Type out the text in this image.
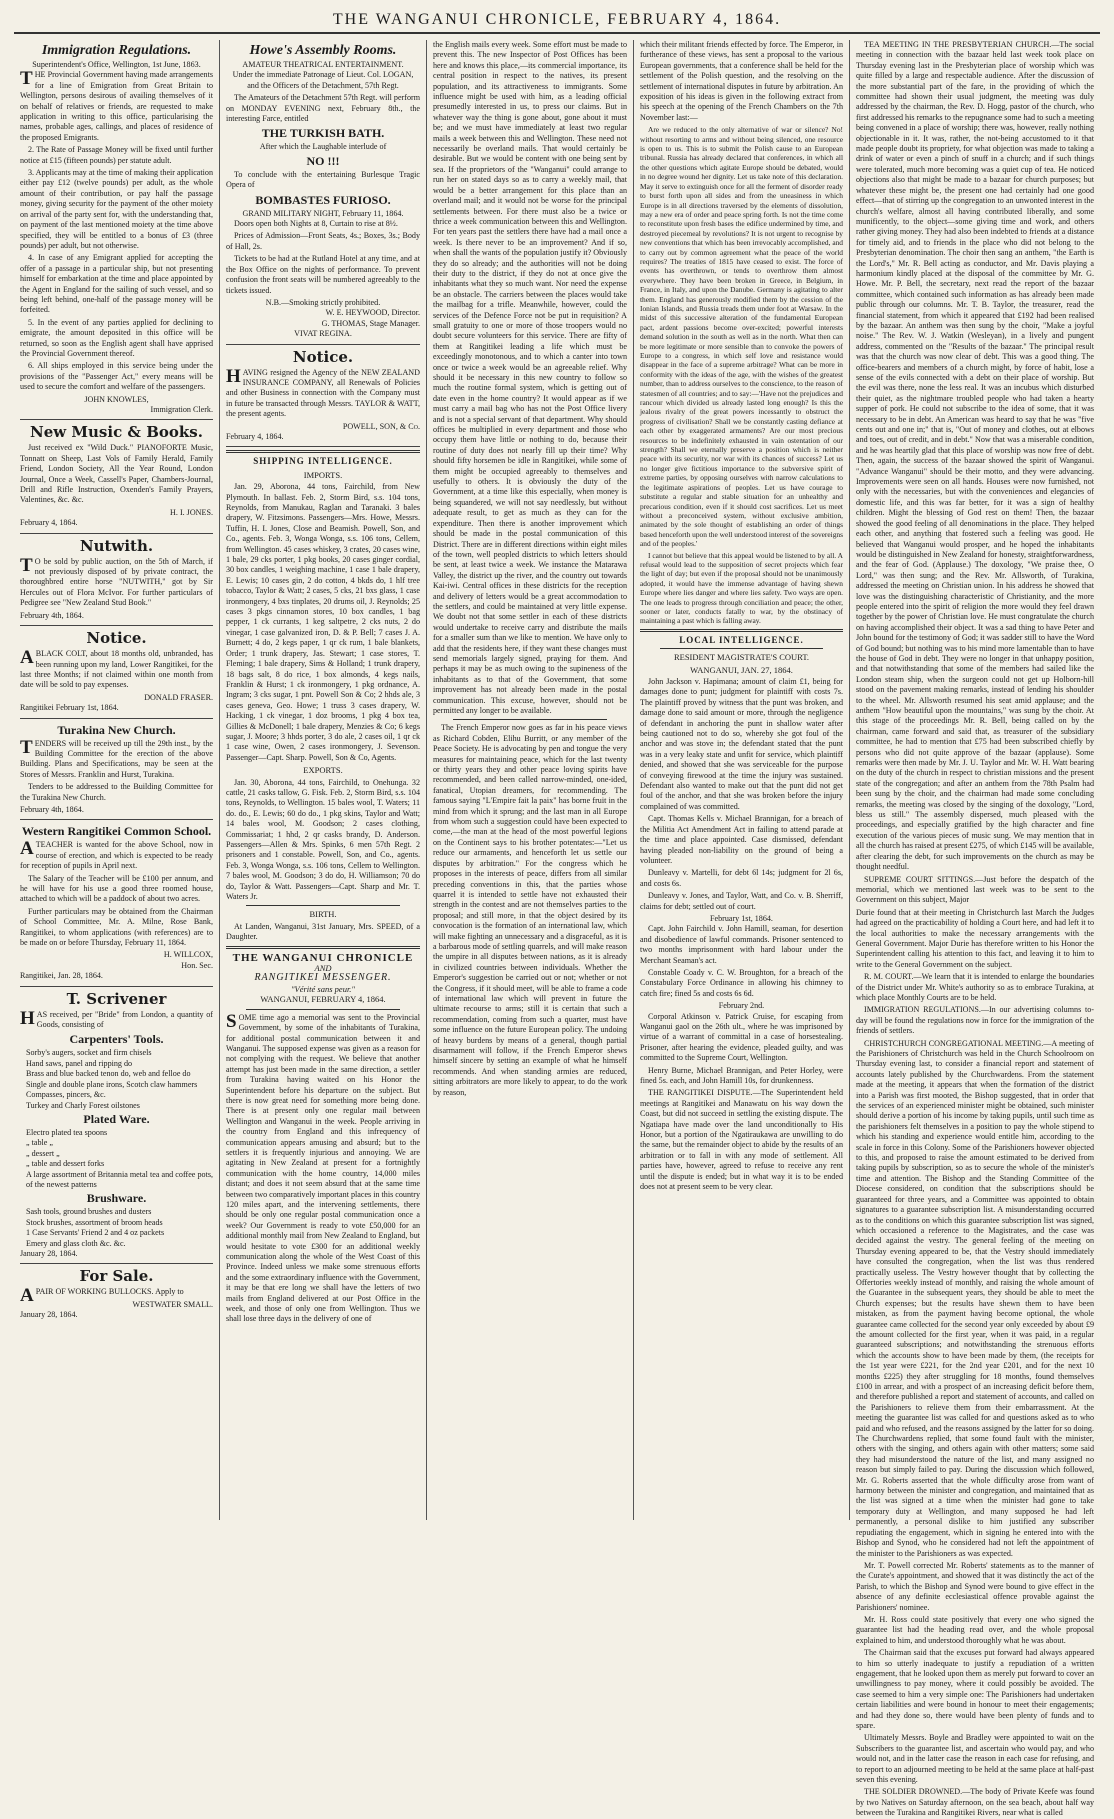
THE WANGANUI CHRONICLE, FEBRUARY 4, 1864.
Immigration Regulations.
Superintendent's Office, Wellington, 1st June, 1863.

THE Provincial Government having made arrangements for a line of Emigration from Great Britain to Wellington, persons desirous of availing themselves of it on behalf of relatives or friends, are requested to make application in writing to this office, particularising the names, probable ages, callings, and places of residence of the proposed Emigrants.

2. The Rate of Passage Money will be fixed until further notice at £15 (fifteen pounds) per statute adult.

3. Applicants may at the time of making their application either pay £12 (twelve pounds) per adult, as the whole amount of their contribution, or pay half the passage money, giving security for the payment of the other moiety on arrival of the party sent for, with the understanding that, on payment of the last mentioned moiety at the time above specified, they will be entitled to a bonus of £3 (three pounds) per adult, but not otherwise.

4. In case of any Emigrant applied for accepting the offer of a passage in a particular ship, but not presenting himself for embarkation at the time and place appointed by the Agent in England for the sailing of such vessel, and so being left behind, one-half of the passage money will be forfeited.

5. In the event of any parties applied for declining to emigrate, the amount deposited in this office will be returned, so soon as the English agent shall have apprised the Provincial Government thereof.

6. All ships employed in this service being under the provisions of the "Passenger Act," every means will be used to secure the comfort and welfare of the passengers.

JOHN KNOWLES,
Immigration Clerk.
New Music & Books.

Just received ex "Wild Duck." PIANOFORTE Music, Tonnatt on Sheep, Last Vols of Family Herald, Family Friend, London Society, All the Year Round, London Journal, Once a Week, Cassell's Paper, Chambers-Journal, Drill and Rifle Instruction, Oxenden's Family Prayers, Valentines, &c. &c.

H. I. JONES.
February 4, 1864.
Nutwith.

TO be sold by public auction, on the 5th of March, if not previously disposed of by private contract, the thoroughbred entire horse "NUTWITH," got by Sir Hercules out of Flora McIvor. For further particulars of Pedigree see "New Zealand Stud Book."

February 4th, 1864.
Notice.

ABLACK COLT, about 18 months old, unbranded, has been running upon my land, Lower Rangitikei, for the last three Months; if not claimed within one month from date will be sold to pay expenses.

DONALD FRASER.
Rangitikei February 1st, 1864.
Turakina New Church.

TENDERS will be received up till the 29th inst., by the Building Committee for the erection of the above Building. Plans and Specifications, may be seen at the Stores of Messrs. Franklin and Hurst, Turakina.

Tenders to be addressed to the Building Committee for the Turakina New Church.

February 4th, 1864.
Western Rangitikei Common School.

ATEACHER is wanted for the above School, now in course of erection, and which is expected to be ready for reception of pupils in April next.

The Salary of the Teacher will be £100 per annum, and he will have for his use a good three roomed house, attached to which will be a paddock of about two acres.

Further particulars may be obtained from the Chairman of School Committee, Mr. A. Milne, Rose Bank, Rangitikei, to whom applications (with references) are to be made on or before Thursday, February 11, 1864.

H. WILLCOX,
Hon. Sec.
Rangitikei, Jan. 28, 1864.
T. Scrivener

HAS received, per "Bride" from London, a quantity of Goods, consisting of

Carpenters' Tools.
Sorby's augers, socket and firm chisels
Hand saws, panel and ripping do
Brass and blue backed tenon do, web and felloe do
Single and double plane irons, Scotch claw hammers
Compasses, pincers, &c.
Turkey and Charly Forest oilstones
Plated Ware.
Electro plated tea spoons
„ table „
„ dessert „
„ table and dessert forks
A large assortment of Britannia metal tea and coffee pots, of the newest patterns
Brushware.
Sash tools, ground brushes and dusters
Stock brushes, assortment of broom heads
1 Case Servants' Friend 2 and 4 oz packets
Emery and glass cloth &c. &c.
January 28, 1864.
For Sale.

APAIR OF WORKING BULLOCKS. Apply to

WESTWATER SMALL.
January 28, 1864.
Howe's Assembly Rooms.
AMATEUR THEATRICAL ENTERTAINMENT.

Under the immediate Patronage of Lieut. Col. LOGAN, and the Officers of the Detachment, 57th Regt.

The Amateurs of the Detachment 57th Regt. will perform on MONDAY EVENING next, February 8th., the interesting Farce, entitled

THE TURKISH BATH.
After which the Laughable interlude of
NO !!!

To conclude with the entertaining Burlesque Tragic Opera of

BOMBASTES FURIOSO.
GRAND MILITARY NIGHT, February 11, 1864.

Doors open both Nights at 8, Curtain to rise at 8½.

Prices of Admission—Front Seats, 4s.; Boxes, 3s.; Body of Hall, 2s.

Tickets to be had at the Rutland Hotel at any time, and at the Box Office on the nights of performance. To prevent confusion the front seats will be numbered agreeably to the tickets issued.

N.B.—Smoking strictly prohibited.
W. E. HEYWOOD, Director.
G. THOMAS, Stage Manager.
VIVAT REGINA.
Notice.

HAVING resigned the Agency of the NEW ZEALAND INSURANCE COMPANY, all Renewals of Policies and other Business in connection with the Company must in future be transacted through Messrs. TAYLOR & WATT, the present agents.

POWELL, SON, & Co.
February 4, 1864.
SHIPPING INTELLIGENCE.
IMPORTS.

Jan. 29, Aborona, 44 tons, Fairchild, from New Plymouth. In ballast. Feb. 2, Storm Bird, s.s. 104 tons, Reynolds, from Manukau, Raglan and Taranaki. 3 bales drapery, W. Fitzsimons. Passengers—Mrs. Howe, Messrs. Tuffin, H. I. Jones, Close and Beamish. Powell, Son, and Co., agents. Feb. 3, Wonga Wonga, s.s. 106 tons, Cellem, from Wellington. 45 cases whiskey, 3 crates, 20 cases wine, 1 bale, 29 cks porter, 1 pkg books, 20 cases ginger cordial, 30 box candles, 1 weighing machine, 1 case 1 bale drapery, E. Lewis; 10 cases gin, 2 do cotton, 4 bkds do, 1 hlf tree tobacco, Taylor & Watt; 2 cases, 5 cks, 21 bxs glass, 1 case ironmongery, 4 bxs tinplates, 20 drums oil, J. Reynolds; 25 cases 3 pkgs cinnamon stores, 10 box candles, 1 bag pepper, 1 ck currants, 1 keg saltpetre, 2 cks nuts, 2 do vinegar, 1 case galvanized iron, D. & P. Bell; 7 cases J. A. Burnett; 4 do, 2 kegs paper, 1 qr ck rum, 1 bale blankets, Order; 1 trunk drapery, Jas. Stewart; 1 case stores, T. Fleming; 1 bale drapery, Sims & Holland; 1 trunk drapery, 18 bags salt, 8 do rice, 1 box almonds, 4 kegs nails, Franklin & Hurst; 1 ck ironmongery, 1 pkg ordnance, A. Ingram; 3 cks sugar, 1 pnt. Powell Son & Co; 2 hhds ale, 3 cases geneva, Geo. Howe; 1 truss 3 cases drapery, W. Hacking, 1 ck vinegar, 1 doz brooms, 1 pkg 4 box tea, Gillies & McDonell; 1 bale drapery, Menzies & Co; 6 kegs sugar, J. Moore; 3 hhds porter, 3 do ale, 2 cases oil, 1 qr ck 1 case wine, Owen, 2 cases ironmongery, J. Sevenson. Passenger—Capt. Sharp. Powell, Son & Co, Agents.

EXPORTS.

Jan. 30, Aborona, 44 tons, Fairchild, to Onehunga. 32 cattle, 21 casks tallow, G. Fisk. Feb. 2, Storm Bird, s.s. 104 tons, Reynolds, to Wellington. 15 bales wool, T. Waters; 11 do. do., E. Lewis; 60 do do., 1 pkg skins, Taylor and Watt; 14 bales wool, M. Goodson; 2 cases clothing, Commissariat; 1 hhd, 2 qr casks brandy, D. Anderson. Passengers—Allen & Mrs. Spinks, 6 men 57th Regt. 2 prisoners and 1 constable. Powell, Son, and Co., agents. Feb. 3, Wonga Wonga, s.s. 106 tons, Cellem to Wellington. 7 bales wool, M. Goodson; 3 do do, H. Williamson; 70 do do, Taylor & Watt. Passengers—Capt. Sharp and Mr. T. Waters Jr.

BIRTH.

At Landen, Wanganui, 31st January, Mrs. SPEED, of a Daughter.

THE WANGANUI CHRONICLE
AND
RANGITIKEI MESSENGER.
"Vérité sans peur."
WANGANUI, FEBRUARY 4, 1864.

SOME time ago a memorial was sent to the Provincial Government, by some of the inhabitants of Turakina, for additional postal communication between it and Wanganui. The supposed expense was given as a reason for not complying with the request. We believe that another attempt has just been made in the same direction, a settler from Turakina having waited on his Honor the Superintendent before his departure on the subject. But there is now great need for something more being done. There is at present only one regular mail between Wellington and Wanganui in the week. People arriving in the country from England and this infrequency of communication appears amusing and absurd; but to the settlers it is frequently injurious and annoying. We are agitating in New Zealand at present for a fortnightly communication with the home country, 14,000 miles distant; and does it not seem absurd that at the same time between two comparatively important places in this country 120 miles apart, and the intervening settlements, there should be only one regular postal communication once a week? Our Government is ready to vote £50,000 for an additional monthly mail from New Zealand to England, but would hesitate to vote £300 for an additional weekly communication along the whole of the West Coast of this Province. Indeed unless we make some strenuous efforts and the some extraordinary influence with the Government, it may be that ere long we shall have the letters of two mails from England delivered at our Post Office in the week, and those of only one from Wellington. Thus we shall lose three days in the delivery of one of

the English mails every week. Some effort must be made to prevent this. The new Inspector of Post Offices has been here and knows this place,—its commercial importance, its central position in respect to the natives, its present population, and its attractiveness to immigrants. Some influence might be used with him, as a leading official presumedly interested in us, to press our claims. But in whatever way the thing is gone about, gone about it must be; and we must have immediately at least two regular mails a week between this and Wellington. These need not necessarily be overland mails. That would certainly be desirable. But we would be content with one being sent by sea. If the proprietors of the "Wanganui" could arrange to run her on stated days so as to carry a weekly mail, that would be a better arrangement for this place than an overland mail; and it would not be worse for the principal settlements between. For there must also be a twice or thrice a week communication between this and Wellington. For ten years past the settlers there have had a mail once a week. Is there never to be an improvement? And if so, when shall the wants of the population justify it? Obviously they do so already; and the authorities will not be doing their duty to the district, if they do not at once give the inhabitants what they so much want. Nor need the expense be an obstacle. The carriers between the places would take the mailbag for a trifle. Meanwhile, however, could the services of the Defence Force not be put in requisition? A small gratuity to one or more of those troopers would no doubt secure volunteers for this service. There are fifty of them at Rangitikei leading a life which must be exceedingly monotonous, and to which a canter into town once or twice a week would be an agreeable relief. Why should it be necessary in this new country to follow so much the routine formal system, which is getting out of date even in the home country? It would appear as if we must carry a mail bag who has not the Post Office livery and is not a special servant of that department. Why should offices be multiplied in every department and those who occupy them have little or nothing to do, because their routine of duty does not nearly fill up their time? Why should fifty horsemen be idle in Rangitikei, while some of them might be occupied agreeably to themselves and usefully to others. It is obviously the duty of the Government, at a time like this especially, when money is being squandered, we will not say needlessly, but without adequate result, to get as much as they can for the expenditure. Then there is another improvement which should be made in the postal communication of this District. There are in different directions within eight miles of the town, well peopled districts to which letters should be sent, at least twice a week. We instance the Matarawa Valley, the district up the river, and the country out towards Kai-iwi. Central offices in these districts for the reception and delivery of letters would be a great accommodation to the settlers, and could be maintained at very little expense. We doubt not that some settler in each of these districts would undertake to receive carry and distribute the mails for a smaller sum than we like to mention. We have only to add that the residents here, if they want these changes must send memorials largely signed, praying for them. And perhaps it may be as much owing to the supineness of the inhabitants as to that of the Government, that some improvement has not already been made in the postal communication. This excuse, however, should not be permitted any longer to be available.

The French Emperor now goes as far in his peace views as Richard Cobden, Elihu Burritt, or any member of the Peace Society. He is advocating by pen and tongue the very measures for maintaining peace, which for the last twenty or thirty years they and other peace loving spirits have recommended, and been called narrow-minded, one-ided, fanatical, Utopian dreamers, for recommending. The famous saying "L'Empire fait la paix" has borne fruit in the mind from which it sprung; and the last man in all Europe from whom such a suggestion could have been expected to come,—the man at the head of the most powerful legions on the Continent says to his brother potentates:—"Let us reduce our armaments, and henceforth let us settle our disputes by arbitration." For the congress which he proposes in the interests of peace, differs from all similar preceding conventions in this, that the parties whose quarrel it is intended to settle have not exhausted their strength in the contest and are not themselves parties to the proposal; and still more, in that the object desired by its convocation is the formation of an international law, which will make fighting an unnecessary and a disgraceful, as it is a barbarous mode of settling quarrels, and will make reason the umpire in all disputes between nations, as it is already in civilized countries between individuals. Whether the Emperor's suggestion be carried out or not; whether or not the Congress, if it should meet, will be able to frame a code of international law which will prevent in future the ultimate recourse to arms; still it is certain that such a recommendation, coming from such a quarter, must have some influence on the future European policy. The undoing of heavy burdens by means of a general, though partial disarmament will follow, if the French Emperor shews himself sincere by setting an example of what he himself recommends. And when standing armies are reduced, sitting arbitrators are more likely to appear, to do the work by reason,

which their militant friends effected by force. The Emperor, in furtherance of these views, has sent a proposal to the various European governments, that a conference shall be held for the settlement of the Polish question, and the resolving on the settlement of international disputes in future by arbitration. An exposition of his ideas is given in the following extract from his speech at the opening of the French Chambers on the 7th November last:—

Are we reduced to the only alternative of war or silence? No! without resorting to arms and without being silenced, one resource is open to us. This is to submit the Polish cause to an European tribunal. Russia has already declared that conferences, in which all the other questions which agitate Europe should be debated, would in no degree wound her dignity. Let us take note of this declaration. May it serve to extinguish once for all the ferment of disorder ready to burst forth upon all sides and from the uneasiness in which Europe is in all directions traversed by the elements of dissolution, may a new era of order and peace spring forth. Is not the time come to reconstitute upon fresh bases the edifice undermined by time, and destroyed piecemeal by revolutions? It is not urgent to recognise by new conventions that which has been irrevocably accomplished, and to carry out by common agreement what the peace of the world requires? The treaties of 1815 have ceased to exist. The force of events has overthrown, or tends to overthrow them almost everywhere. They have been broken in Greece, in Belgium, in France, in Italy, and upon the Danube. Germany is agitating to alter them. England has generously modified them by the cession of the Ionian Islands, and Russia treads them under foot at Warsaw. In the midst of this successive alteration of the fundamental European pact, ardent passions become over-excited; powerful interests demand solution in the south as well as in the north. What then can be more legitimate or more sensible than to convoke the powers of Europe to a congress, in which self love and resistance would disappear in the face of a supreme arbitrage? What can be more in conformity with the ideas of the age, with the wishes of the greatest number, than to address ourselves to the conscience, to the reason of statesmen of all countries; and to say:—'Have not the prejudices and rancour which divided us already lasted long enough? Is this the jealous rivalry of the great powers incessantly to obstruct the progress of civilisation? Shall we be constantly casting defiance at each other by exaggerated armaments? Are our most precious resources to be indefinitely exhausted in vain ostentation of our strength? Shall we eternally preserve a position which is neither peace with its security, nor war with its chances of success? Let us no longer give fictitious importance to the subversive spirit of extreme parties, by opposing ourselves with narrow calculations to the legitimate aspirations of peoples. Let us have courage to substitute a regular and stable situation for an unhealthy and precarious condition, even if it should cost sacrifices. Let us meet without a preconceived system, without exclusive ambition, animated by the sole thought of establishing an order of things based henceforth upon the well understood interest of the sovereigns and of the peoples.'

I cannot but believe that this appeal would be listened to by all. A refusal would lead to the supposition of secret projects which fear the light of day; but even if the proposal should not be unanimously adopted, it would have the immense advantage of having shewn Europe where lies danger and where lies safety. Two ways are open. The one leads to progress through conciliation and peace; the other, sooner or later, conducts fatally to war, by the obstinacy of maintaining a past which is falling away.

LOCAL INTELLIGENCE.
RESIDENT MAGISTRATE'S COURT.
WANGANUI, JAN. 27, 1864.

John Jackson v. Hapimana; amount of claim £1, being for damages done to punt; judgment for plaintiff with costs 7s. The plaintiff proved by witness that the punt was broken, and damage done to said amount or more, through the negligence of defendant in anchoring the punt in shallow water after being cautioned not to do so, whereby she got foul of the anchor and was stove in; the defendant stated that the punt was in a very leaky state and unfit for service, which plaintiff denied, and showed that she was serviceable for the purpose of conveying firewood at the time the injury was sustained. Defendant also wanted to make out that the punt did not get foul of the anchor, and that she was broken before the injury complained of was committed.

Capt. Thomas Kells v. Michael Brannigan, for a breach of the Militia Act Amendment Act in failing to attend parade at the time and place appointed. Case dismissed, defendant having pleaded non-liability on the ground of being a volunteer.

Dunleavy v. Martelli, for debt 6l 14s; judgment for 2l 6s, and costs 6s.

Dunleavy v. Jones, and Taylor, Watt, and Co. v. B. Sherriff, claims for debt; settled out of court.

February 1st, 1864.

Capt. John Fairchild v. John Hamill, seaman, for desertion and disobedience of lawful commands. Prisoner sentenced to two months imprisonment with hard labour under the Merchant Seaman's act.

Constable Coady v. C. W. Broughton, for a breach of the Constabulary Force Ordinance in allowing his chimney to catch fire; fined 5s and costs 6s 6d.

February 2nd.

Corporal Atkinson v. Patrick Cruise, for escaping from Wanganui gaol on the 26th ult., where he was imprisoned by virtue of a warrant of committal in a case of horsestealing. Prisoner, after hearing the evidence, pleaded guilty, and was committed to the Supreme Court, Wellington.

Henry Burne, Michael Brannigan, and Peter Horley, were fined 5s. each, and John Hamill 10s, for drunkenness.

THE RANGITIKEI DISPUTE.—The Superintendent held meetings at Rangitikei and Manawatu on his way down the Coast, but did not succeed in settling the existing dispute. The Ngatiapa have made over the land unconditionally to His Honor, but a portion of the Ngatiraukawa are unwilling to do the same, but the remainder object to abide by the results of an arbitration or to fall in with any mode of settlement. All parties have, however, agreed to refuse to receive any rent until the dispute is ended; but in what way it is to be ended does not at present seem to be very clear.

TEA MEETING IN THE PRESBYTERIAN CHURCH.—The social meeting in connection with the bazaar held last week took place on Thursday evening last in the Presbyterian place of worship which was quite filled by a large and respectable audience. After the discussion of the more substantial part of the fare, in the providing of which the committee had shown their usual judgment, the meeting was duly addressed by the chairman, the Rev. D. Hogg, pastor of the church, who first addressed his remarks to the repugnance some had to such a meeting being convened in a place of worship; there was, however, really nothing objectionable in it. It was, rather, the not-being accustomed to it that made people doubt its propriety, for what objection was made to taking a drink of water or even a pinch of snuff in a church; and if such things were tolerated, much more becoming was a quiet cup of tea. He noticed objections also that might be made to a bazaar for church purposes; but whatever these might be, the present one had certainly had one good effect—that of stirring up the congregation to an unwonted interest in the church's welfare, almost all having contributed liberally, and some munificently, to the object—some giving time and work, and others rather giving money. They had also been indebted to friends at a distance for timely aid, and to friends in the place who did not belong to the Presbyterian denomination. The choir then sang an anthem, "the Earth is the Lord's," Mr. R. Bell acting as conductor, and Mr. Davis playing a harmonium kindly placed at the disposal of the committee by Mr. G. Howe. Mr. P. Bell, the secretary, next read the report of the bazaar committee, which contained such information as has already been made public through our columns. Mr. T. B. Taylor, the treasurer, read the financial statement, from which it appeared that £192 had been realised by the bazaar. An anthem was then sung by the choir, "Make a joyful noise." The Rev. W. J. Watkin (Wesleyan), in a lively and pungent address, commented on the "Results of the bazaar." The principal result was that the church was now clear of debt. This was a good thing. The office-bearers and members of a church might, by force of habit, lose a sense of the evils connected with a debt on their place of worship. But the evil was there, none the less real. It was an incubus which disturbed their quiet, as the nightmare troubled people who had taken a hearty supper of pork. He could not subscribe to the idea of some, that it was necessary to be in debt. An American was heard to say that he was "five cents out and one in;" that is, "Out of money and clothes, out at elbows and toes, out of credit, and in debt." Now that was a miserable condition, and he was heartily glad that this place of worship was now free of debt. Then, again, the success of the bazaar showed the spirit of Wanganui. "Advance Wanganui" should be their motto, and they were advancing. Improvements were seen on all hands. Houses were now furnished, not only with the necessaries, but with the conveniences and elegancies of domestic life, and this was far better, for it was a sign of healthy children. Might the blessing of God rest on them! Then, the bazaar showed the good feeling of all denominations in the place. They helped each other, and anything that fostered such a feeling was good. He believed that Wanganui would prosper, and he hoped the inhabitants would be distinguished in New Zealand for honesty, straightforwardness, and the fear of God. (Applause.) The doxology, "We praise thee, O Lord," was then sung; and the Rev. Mr. Allsworth, of Turakina, addressed the meeting on Christian union. In his address he showed that love was the distinguishing characteristic of Christianity, and the more people entered into the spirit of religion the more would they feel drawn together by the power of Christian love. He must congratulate the church on having accomplished their object. It was a sad thing to have Peter and John bound for the testimony of God; it was sadder still to have the Word of God bound; but nothing was to his mind more lamentable than to have the house of God in debt. They were no longer in that unhappy position, and that notwithstanding that some of the members had sailed like the London steam ship, when the surgeon could not get up Holborn-hill stood on the pavement making remarks, instead of lending his shoulder to the wheel. Mr. Allsworth resumed his seat amid applause; and the anthem "How beautiful upon the mountains," was sung by the choir. At this stage of the proceedings Mr. R. Bell, being called on by the chairman, came forward and said that, as treasurer of the subsidiary committee, he had to mention that £75 had been subscribed chiefly by persons who did not quite approve of the bazaar (applause). Some remarks were then made by Mr. J. U. Taylor and Mr. W. H. Watt bearing on the duty of the church in respect to christian missions and the present state of the congregation; and after an anthem from the 78th Psalm had been sung by the choir, and the chairman had made some concluding remarks, the meeting was closed by the singing of the doxology, "Lord, bless us still." The assembly dispersed, much pleased with the proceedings, and especially gratified by the high character and fine execution of the various pieces of music sung. We may mention that in all the church has raised at present £275, of which £145 will be available, after clearing the debt, for such improvements on the church as may be thought needful.

SUPREME COURT SITTINGS.—Just before the despatch of the memorial, which we mentioned last week was to be sent to the Government on this subject, Major

Durie found that at their meeting in Christchurch last March the Judges had agreed on the practicability of holding a Court here, and had left it to the local authorities to make the necessary arrangements with the General Government. Major Durie has therefore written to his Honor the Superintendent calling his attention to this fact, and leaving it to him to write to the General Government on the subject.

R. M. COURT.—We learn that it is intended to enlarge the boundaries of the District under Mr. White's authority so as to embrace Turakina, at which place Monthly Courts are to be held.

IMMIGRATION REGULATIONS.—In our advertising columns to-day will be found the regulations now in force for the immigration of the friends of settlers.

CHRISTCHURCH CONGREGATIONAL MEETING.—A meeting of the Parishioners of Christchurch was held in the Church Schoolroom on Thursday evening last, to consider a financial report and statement of accounts lately published by the Churchwardens. From the statement made at the meeting, it appears that when the formation of the district into a Parish was first mooted, the Bishop suggested, that in order that the services of an experienced minister might be obtained, such minister should derive a portion of his income by taking pupils, until such time as the parishioners felt themselves in a position to pay the whole stipend to which his standing and experience would entitle him, according to the scale in force in this Colony. Some of the Parishioners however objected to this, and proposed to raise the amount estimated to be derived from taking pupils by subscription, so as to secure the whole of the minister's time and attention. The Bishop and the Standing Committee of the Diocese considered, on condition that the subscriptions should be guaranteed for three years, and a Committee was appointed to obtain signatures to a guarantee subscription list. A misunderstanding occurred as to the conditions on which this guarantee subscription list was signed, which occasioned a reference to the Magistrates, and the case was decided against the vestry. The general feeling of the meeting on Thursday evening appeared to be, that the Vestry should immediately have consulted the congregation, when the list was thus rendered practically useless. The Vestry however thought that by collecting the Offertories weekly instead of monthly, and raising the whole amount of the Guarantee in the subsequent years, they should be able to meet the Church expenses; but the results have shewn them to have been mistaken, as from the payment having become optional, the whole guarantee came collected for the second year only exceeded by about £9 the amount collected for the first year, when it was paid, in a regular guaranteed subscriptions; and notwithstanding the strenuous efforts which the accounts show to have been made by them, (the receipts for the 1st year were £221, for the 2nd year £201, and for the next 10 months £225) they after struggling for 18 months, found themselves £100 in arrear, and with a prospect of an increasing deficit before them, and therefore published a report and statement of accounts, and called on the Parishioners to relieve them from their embarrassment. At the meeting the guarantee list was called for and questions asked as to who paid and who refused, and the reasons assigned by the latter for so doing. The Churchwardens replied, that some found fault with the minister, others with the singing, and others again with other matters; some said they had misunderstood the nature of the list, and many assigned no reason but simply failed to pay. During the discussion which followed, Mr. G. Roberts asserted that the whole difficulty arose from want of harmony between the minister and congregation, and maintained that as the list was signed at a time when the minister had gone to take temporary duty at Wellington, and many supposed he had left permanently, a personal dislike to him justified any subscriber repudiating the engagement, which in signing he entered into with the Bishop and Synod, who he considered had not left the appointment of the minister to the Parishioners as was expected.

Mr. T. Powell corrected Mr. Roberts' statements as to the manner of the Curate's appointment, and showed that it was distinctly the act of the Parish, to which the Bishop and Synod were bound to give effect in the absence of any definite ecclesiastical offence provable against the Parishioners' nominee.

Mr. H. Ross could state positively that every one who signed the guarantee list had the heading read over, and the whole proposal explained to him, and understood thoroughly what he was about.

The Chairman said that the excuses put forward had always appeared to him so utterly inadequate to justify a repudiation of a written engagement, that he looked upon them as merely put forward to cover an unwillingness to pay money, where it could possibly be avoided. The case seemed to him a very simple one: The Parishioners had undertaken certain liabilities and were bound in honour to meet their engagements; and had they done so, there would have been plenty of funds and to spare.

Ultimately Messrs. Boyle and Bradley were appointed to wait on the Subscribers to the guarantee list, and ascertain who would pay, and who would not, and in the latter case the reason in each case for refusing, and to report to an adjourned meeting to be held at the same place at half-past seven this evening.

THE SOLDIER DROWNED.—The body of Private Keefe was found by two Natives on Saturday afternoon, on the sea beach, about half way between the Turakina and Rangitikei Rivers, near what is called
